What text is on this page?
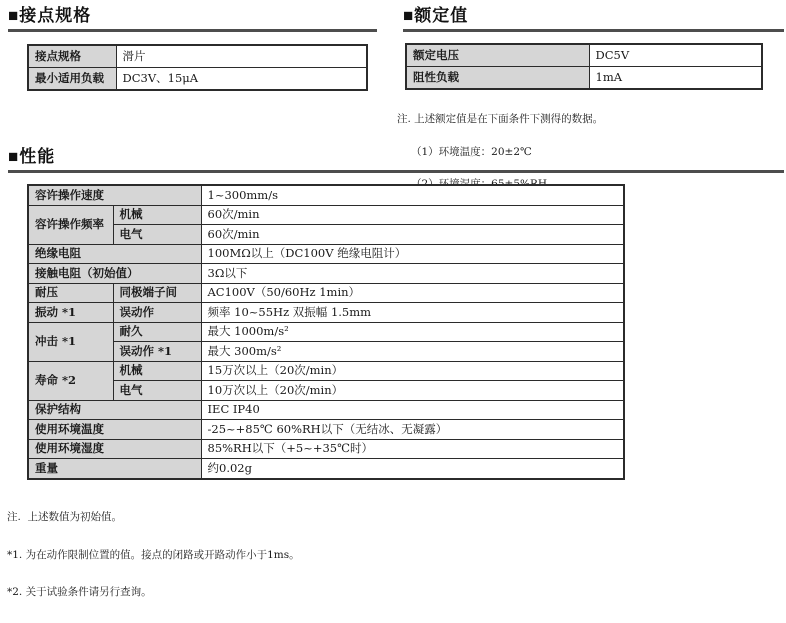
■接点规格
接点规格	滑片
最小适用负载	DC3V、15μA
■额定值
额定电压	DC5V
阻性负载	1mA

注. 上述额定值是在下面条件下测得的数据。

（1）环境温度：20±2℃

■性能
容许操作速度		1~300mm/s
容许操作频率	机械	60次/min
	电气	60次/min
绝缘电阻		100MΩ以上（DC100V 绝缘电阻计）
接触电阻（初始值）		3Ω以下
耐压	同极端子间	AC100V（50/60Hz 1min）
振动 *1	误动作	频率 10~55Hz 双振幅 1.5mm
冲击 *1	耐久	最大 1000m/s²
	误动作 *1	最大 300m/s²
寿命 *2	机械	15万次以上（20次/min）
	电气	10万次以上（20次/min）
保护结构		IEC IP40
使用环境温度		-25~+85℃ 60%RH以下（无结冰、无凝露）
使用环境湿度		85%RH以下（+5~+35℃时）
重量		约0.02g

注.  上述数值为初始值。

*1. 为在动作限制位置的值。接点的闭路或开路动作小于1ms。

*2. 关于试验条件请另行查询。
